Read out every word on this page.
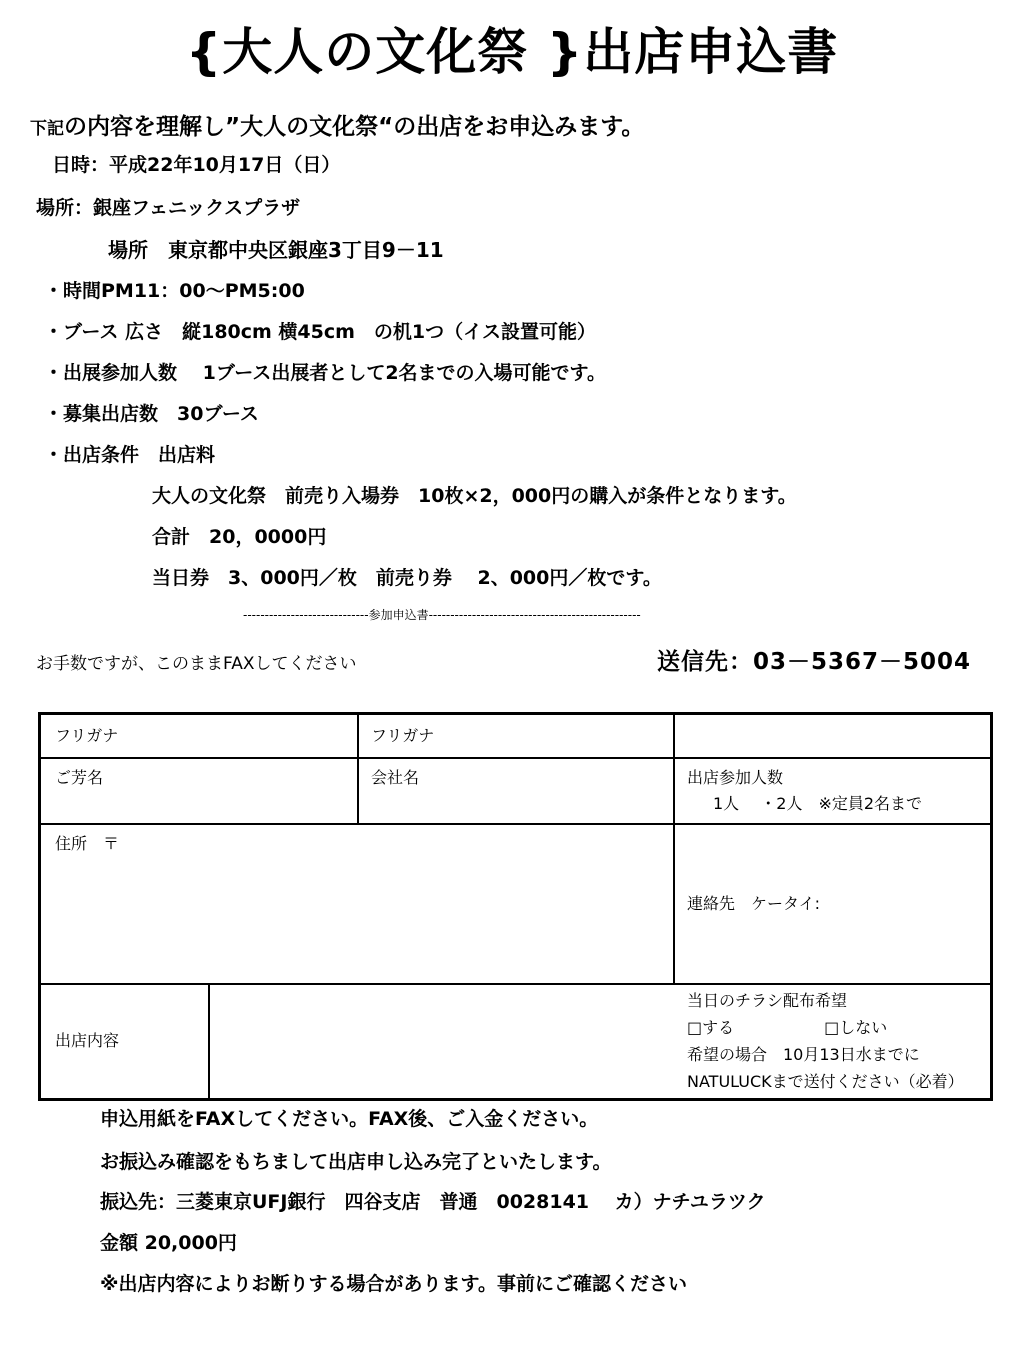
{大人の文化祭 }出店申込書
下記の内容を理解し”大人の文化祭“の出店をお申込みます。
日時：平成22年10月17日（日）
場所：銀座フェニックスプラザ
場所　東京都中央区銀座3丁目9－11
・時間PM11：00～PM5:00
・ブース 広さ　縦180cm 横45cm　の机1つ（イス設置可能）
・出展参加人数　 1ブース出展者として2名までの入場可能です。
・募集出店数　30ブース
・出店条件　出店料
大人の文化祭　前売り入場券　10枚×2，000円の購入が条件となります。
合計　20，0000円
当日券　3、000円／枚　前売り券　 2、000円／枚です。
-----------------------------参加申込書-------------------------------------------------
お手数ですが、このままFAXしてください	送信先：03－5367－5004
フリガナ	フリガナ
ご芳名	会社名	出店参加人数
1人　 ・2人　※定員2名まで
住所　〒
連絡先　ケータイ:
出店内容
当日のチラシ配布希望
□する	□しない
希望の場合　10月13日水までに
NATULUCKまで送付ください（必着）
申込用紙をFAXしてください。FAX後、ご入金ください。
お振込み確認をもちまして出店申し込み完了といたします。
振込先：三菱東京UFJ銀行　四谷支店　普通　0028141　 カ）ナチユラツク
金額 20,000円
※出店内容によりお断りする場合があります。事前にご確認ください
